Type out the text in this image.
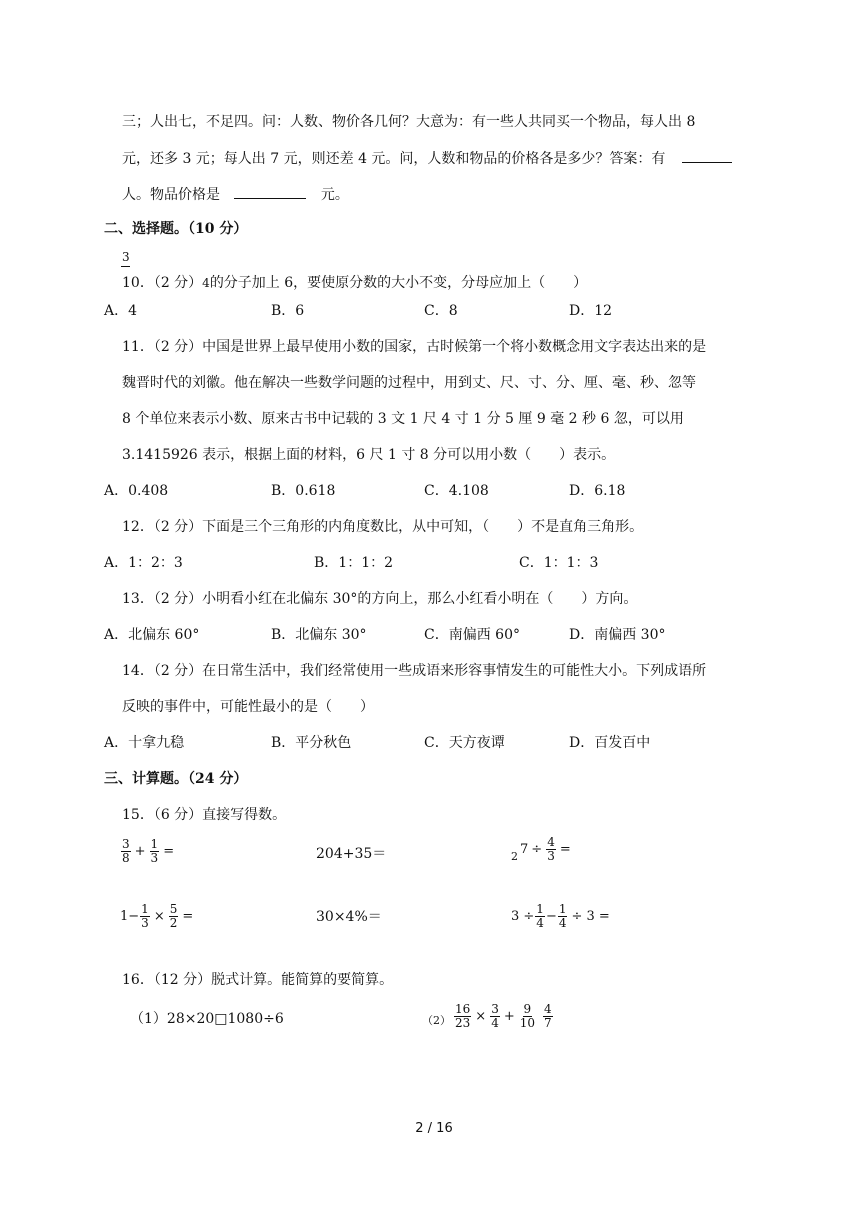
三；人出七，不足四。问：人数、物价各几何？大意为：有一些人共同买一个物品，每人出 8
元，还多 3 元；每人出 7 元，则还差 4 元。问，人数和物品的价格各是多少？答案：有
人。物品价格是	元。
二、选择题。（10 分）
3
10．（2 分）4的分子加上 6，要使原分数的大小不变，分母应加上（　　）
A．4	B．6	C．8	D．12
11．（2 分）中国是世界上最早使用小数的国家，古时候第一个将小数概念用文字表达出来的是
魏晋时代的刘徽。他在解决一些数学问题的过程中，用到丈、尺、寸、分、厘、毫、秒、忽等
8 个单位来表示小数、原来古书中记载的 3 文 1 尺 4 寸 1 分 5 厘 9 毫 2 秒 6 忽，可以用
3.1415926 表示，根据上面的材料，6 尺 1 寸 8 分可以用小数（　　）表示。
A．0.408	B．0.618	C．4.108	D．6.18
12．（2 分）下面是三个三角形的内角度数比，从中可知，（　　）不是直角三角形。
A．1：2：3	B．1：1：2	C．1：1：3
13．（2 分）小明看小红在北偏东 30°的方向上，那么小红看小明在（　　）方向。
A．北偏东 60°	B．北偏东 30°	C．南偏西 60°	D．南偏西 30°
14．（2 分）在日常生活中，我们经常使用一些成语来形容事情发生的可能性大小。下列成语所
反映的事件中，可能性最小的是（　　）
A．十拿九稳	B．平分秋色	C．天方夜谭	D．百发百中
三、计算题。（24 分）
15．（6 分）直接写得数。
$\frac{3}{8} + \frac{1}{3}$ =	204+35＝	2 $7 \div \frac{4}{3}$ =
$1- \frac{1}{3} \times \frac{5}{2}$ =	30×4%＝	$3 \div \frac{1}{4} - \frac{1}{4} \div 3$ =
16．（12 分）脱式计算。能简算的要简算。
（1）28×20□1080÷6	$(2) \frac{16}{23} \times \frac{3}{4} + \frac{9}{10} \frac{4}{7}$
2 / 16
